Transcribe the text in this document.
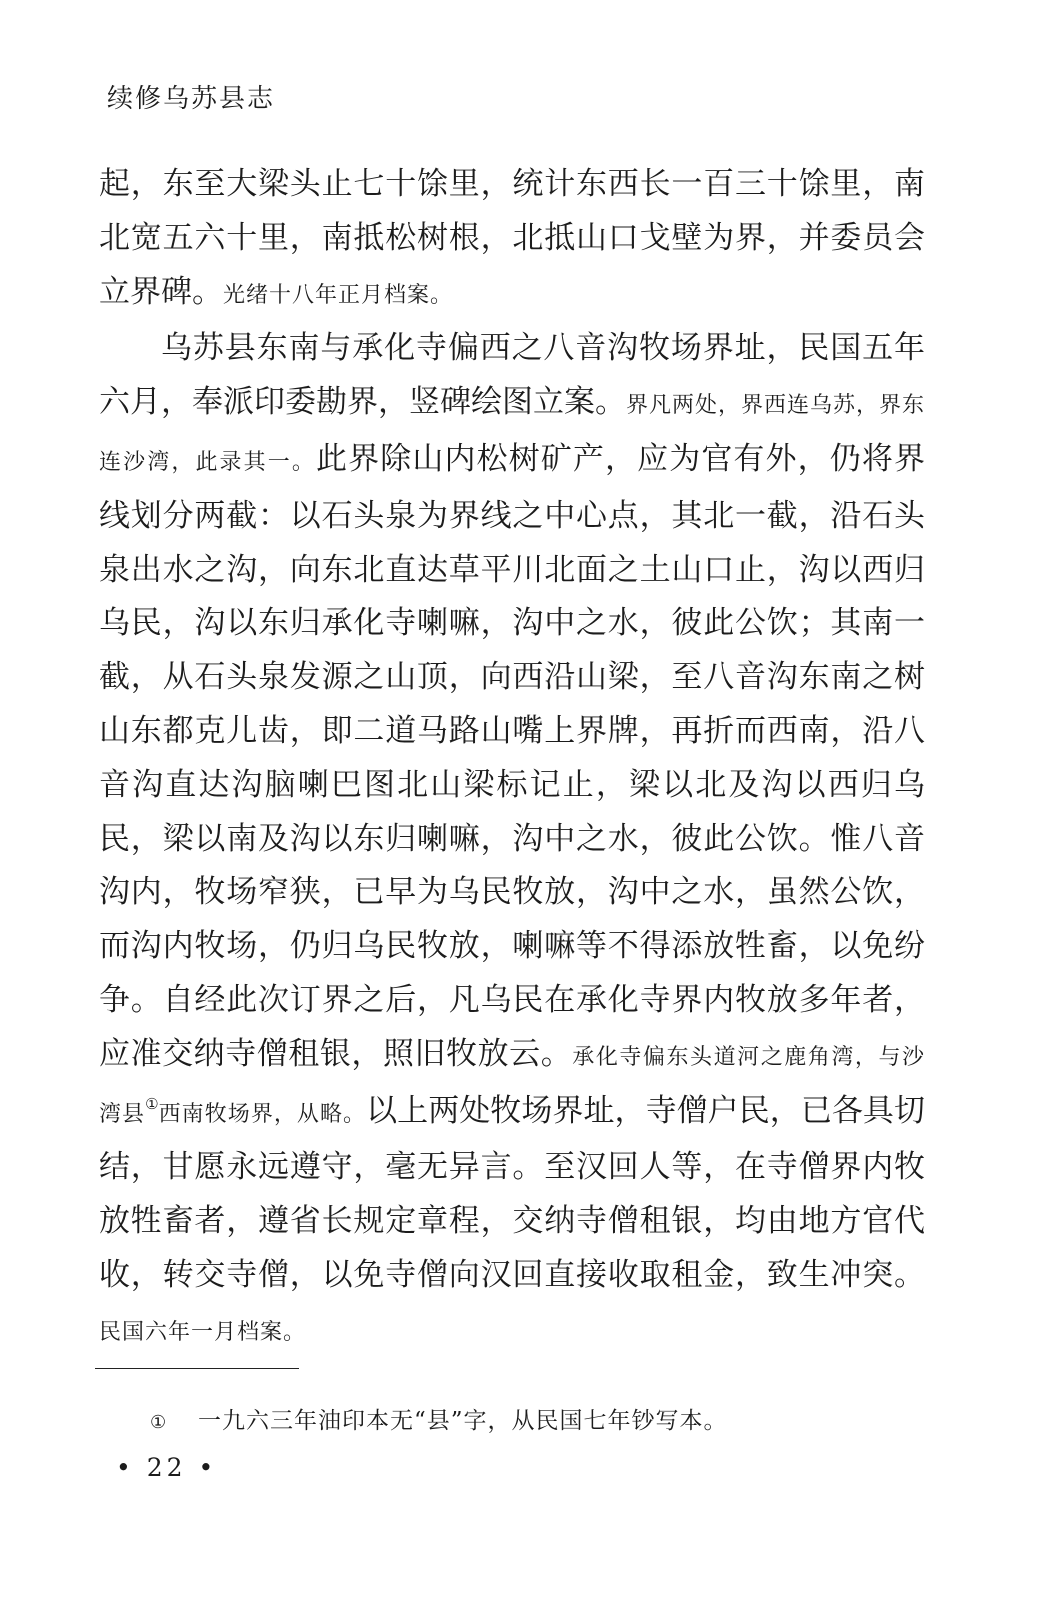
续修乌苏县志

起，东至大梁头止七十馀里，统计东西长一百三十馀里，南北宽五六十里，南抵松树根，北抵山口戈壁为界，并委员会立界碑。光绪十八年正月档案。

乌苏县东南与承化寺偏西之八音沟牧场界址，民国五年六月，奉派印委勘界，竖碑绘图立案。界凡两处，界西连乌苏，界东连沙湾，此录其一。此界除山内松树矿产，应为官有外，仍将界线划分两截：以石头泉为界线之中心点，其北一截，沿石头泉出水之沟，向东北直达草平川北面之土山口止，沟以西归乌民，沟以东归承化寺喇嘛，沟中之水，彼此公饮；其南一截，从石头泉发源之山顶，向西沿山梁，至八音沟东南之树山东都克儿齿，即二道马路山嘴上界牌，再折而西南，沿八音沟直达沟脑喇巴图北山梁标记止，梁以北及沟以西归乌民，梁以南及沟以东归喇嘛，沟中之水，彼此公饮。惟八音沟内，牧场窄狭，已早为乌民牧放，沟中之水，虽然公饮，而沟内牧场，仍归乌民牧放，喇嘛等不得添放牲畜，以免纷争。自经此次订界之后，凡乌民在承化寺界内牧放多年者，应准交纳寺僧租银，照旧牧放云。承化寺偏东头道河之鹿角湾，与沙湾县①西南牧场界，从略。以上两处牧场界址，寺僧户民，已各具切结，甘愿永远遵守，毫无异言。至汉回人等，在寺僧界内牧放牲畜者，遵省长规定章程，交纳寺僧租银，均由地方官代收，转交寺僧，以免寺僧向汉回直接收取租金，致生冲突。民国六年一月档案。

① 一九六三年油印本无“县”字，从民国七年钞写本。
• 22 •
